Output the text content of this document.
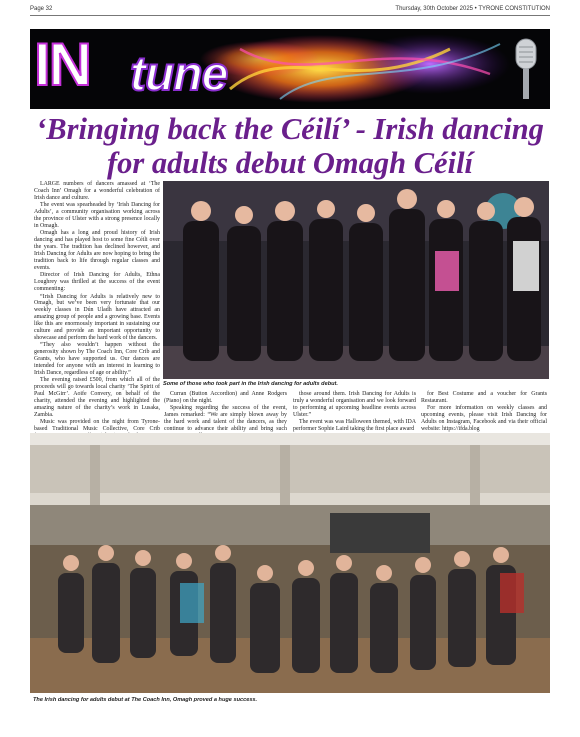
Page 32	Thursday, 30th October 2025 • TYRONE CONSTITUTION
IN tune
‘Bringing back the Céilí’ - Irish dancing for adults debut Omagh Céilí

LARGE numbers of dancers amassed at ‘The Coach Inn’ Omagh for a wonderful celebration of Irish dance and culture.

The event was spearheaded by ‘Irish Dancing for Adults’, a community organisation working across the province of Ulster with a strong presence locally in Omagh.

Omagh has a long and proud history of Irish dancing and has played host to some fine Céili over the years. The tradition has declined however, and Irish Dancing for Adults are now hoping to bring the tradition back to life through regular classes and events.

Director of Irish Dancing for Adults, Ethna Loughrey was thrilled at the success of the event commenting:

“Irish Dancing for Adults is relatively new to Omagh, but we’ve been very fortunate that our weekly classes in Dún Uladh have attracted an amazing group of people and a growing base. Events like this are enormously important in sustaining our culture and provide an important opportunity to showcase and perform the hard work of the dancers.

“They also wouldn’t happen without the generosity shown by The Coach Inn, Core Crib and Grants, who have supported us. Our dances are intended for anyone with an interest in learning to Irish Dance, regardless of age or ability.”

The evening raised £500, from which all of the proceeds will go towards local charity ‘The Spirit of Paul McGirr’. Aoife Convery, on behalf of the charity, attended the evening and highlighted the amazing nature of the charity’s work in Lusaka, Zambia.

Music was provided on the night from Tyrone-based Traditional Music Collective, Core Crib

Some of those who took part in the Irish dancing for adults debut.

Curran (Button Accordion) and Anne Rodgers (Piano) on the night.

Speaking regarding the success of the event, James remarked: “We are simply blown away by the hard work and talent of the dancers, as they continue to advance their ability and bring such

those around them. Irish Dancing for Adults is truly a wonderful organisation and we look forward to performing at upcoming headline events across Ulster.”

The event was was Halloween themed, with IDA performer Sophie Laird taking the first place award

for Best Costume and a voucher for Grants Restaurant.

For more information on weekly classes and upcoming events, please visit Irish Dancing for Adults on Instagram, Facebook and via their official website: https://ifda.blog

The Irish dancing for adults debut at The Coach Inn, Omagh proved a huge success.
